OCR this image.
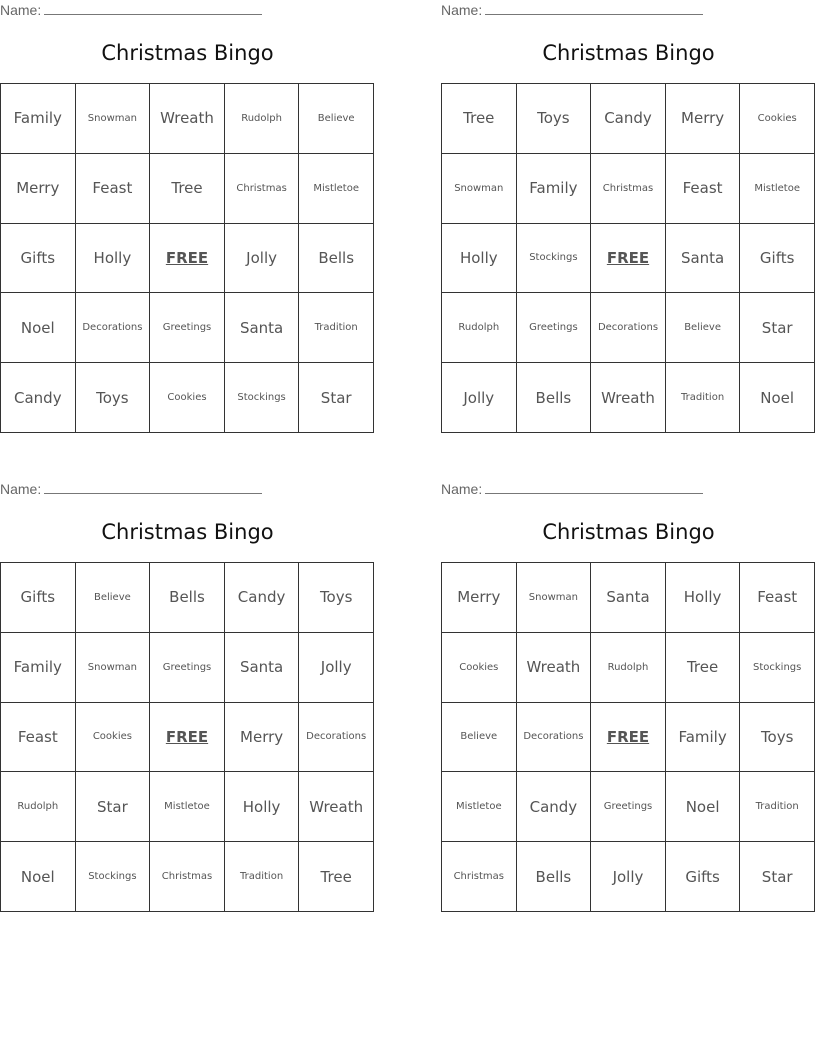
Name:
Christmas Bingo
Family	Snowman	Wreath	Rudolph	Believe
Merry	Feast	Tree	Christmas	Mistletoe
Gifts	Holly	FREE	Jolly	Bells
Noel	Decorations	Greetings	Santa	Tradition
Candy	Toys	Cookies	Stockings	Star
Name:
Christmas Bingo
Tree	Toys	Candy	Merry	Cookies
Snowman	Family	Christmas	Feast	Mistletoe
Holly	Stockings	FREE	Santa	Gifts
Rudolph	Greetings	Decorations	Believe	Star
Jolly	Bells	Wreath	Tradition	Noel
Name:
Christmas Bingo
Gifts	Believe	Bells	Candy	Toys
Family	Snowman	Greetings	Santa	Jolly
Feast	Cookies	FREE	Merry	Decorations
Rudolph	Star	Mistletoe	Holly	Wreath
Noel	Stockings	Christmas	Tradition	Tree
Name:
Christmas Bingo
Merry	Snowman	Santa	Holly	Feast
Cookies	Wreath	Rudolph	Tree	Stockings
Believe	Decorations	FREE	Family	Toys
Mistletoe	Candy	Greetings	Noel	Tradition
Christmas	Bells	Jolly	Gifts	Star
